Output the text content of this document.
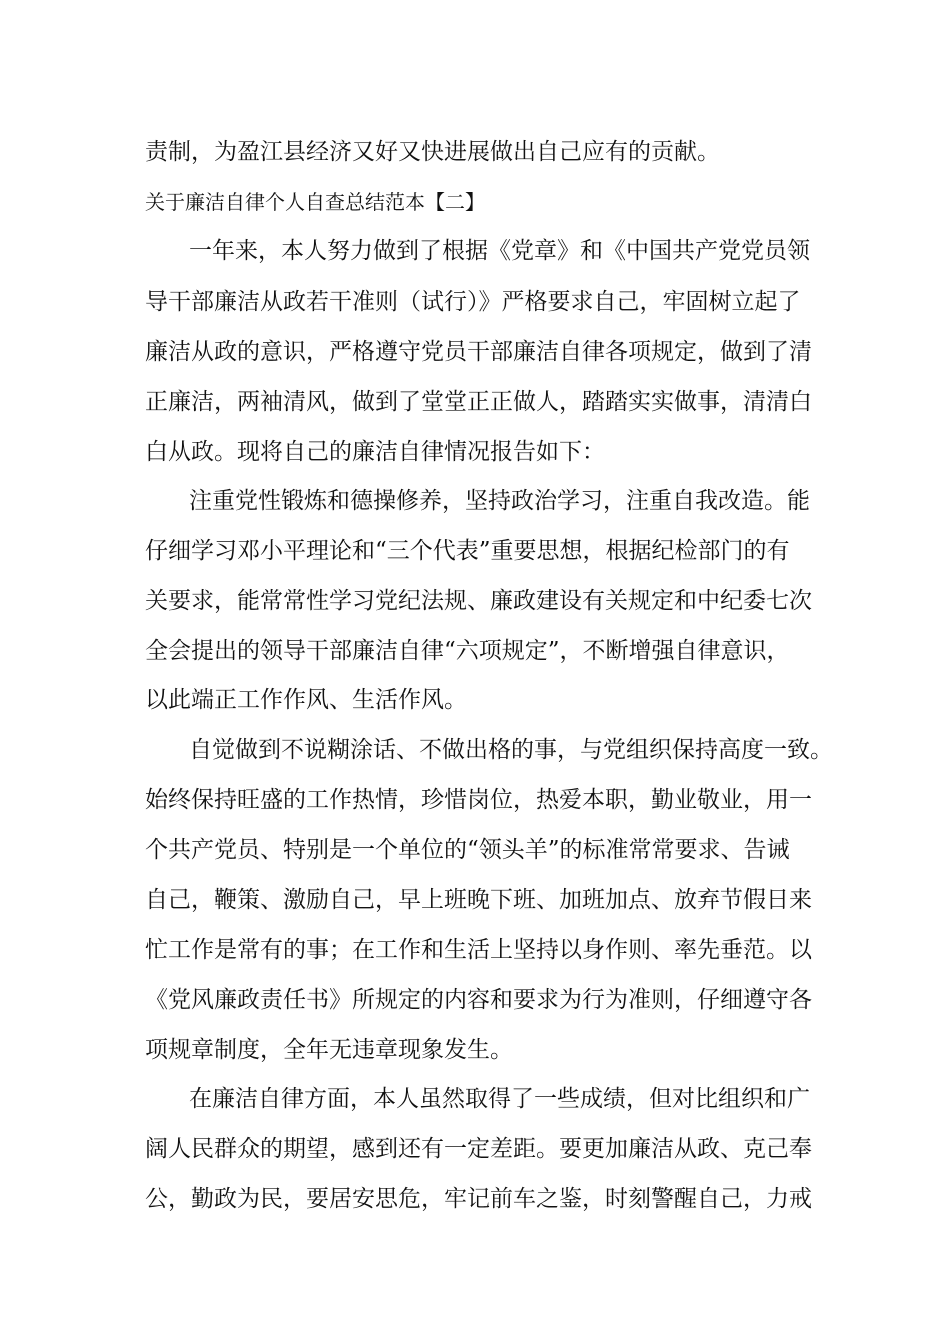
责制，为盈江县经济又好又快进展做出自己应有的贡献。
关于廉洁自律个人自查总结范本【二】
一年来，本人努力做到了根据《党章》和《中国共产党党员领
导干部廉洁从政若干准则（试行）》严格要求自己，牢固树立起了
廉洁从政的意识，严格遵守党员干部廉洁自律各项规定，做到了清
正廉洁，两袖清风，做到了堂堂正正做人，踏踏实实做事，清清白
白从政。现将自己的廉洁自律情况报告如下：
注重党性锻炼和德操修养，坚持政治学习，注重自我改造。能
仔细学习邓小平理论和“三个代表”重要思想，根据纪检部门的有
关要求，能常常性学习党纪法规、廉政建设有关规定和中纪委七次
全会提出的领导干部廉洁自律“六项规定”，不断增强自律意识，
以此端正工作作风、生活作风。
自觉做到不说糊涂话、不做出格的事，与党组织保持高度一致。
始终保持旺盛的工作热情，珍惜岗位，热爱本职，勤业敬业，用一
个共产党员、特别是一个单位的“领头羊”的标准常常要求、告诫
自己，鞭策、激励自己，早上班晚下班、加班加点、放弃节假日来
忙工作是常有的事；在工作和生活上坚持以身作则、率先垂范。以
《党风廉政责任书》所规定的内容和要求为行为准则，仔细遵守各
项规章制度，全年无违章现象发生。
在廉洁自律方面，本人虽然取得了一些成绩，但对比组织和广
阔人民群众的期望，感到还有一定差距。要更加廉洁从政、克己奉
公，勤政为民，要居安思危，牢记前车之鉴，时刻警醒自己，力戒
